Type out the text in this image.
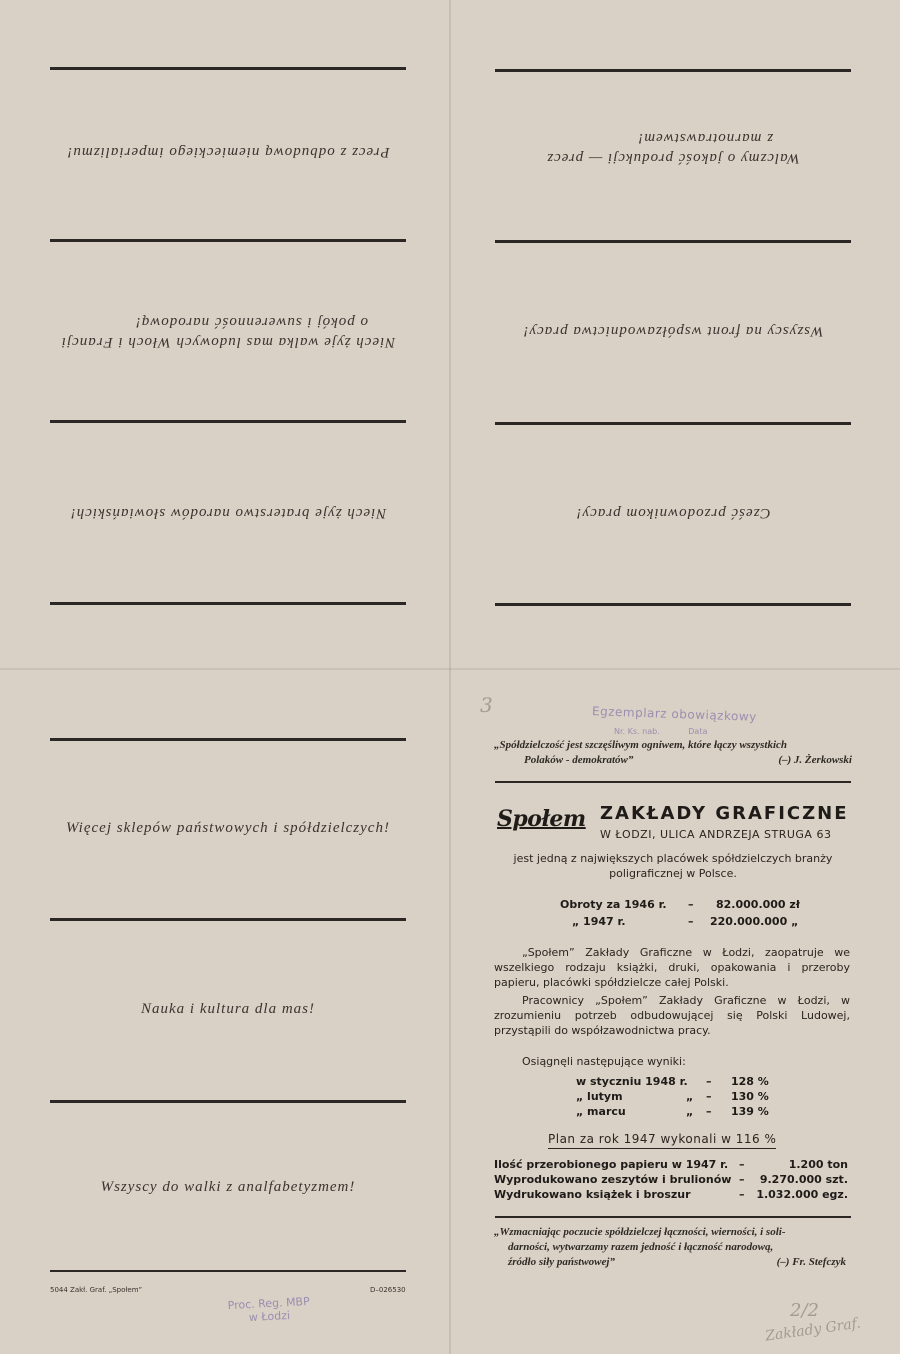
Precz z odbudową niemieckiego imperializmu!	Walczmy o jakość produkcji — precz
z marnotrawstwem!
Niech żyje walka mas ludowych Włoch i Francji
o pokój i suwerenność narodową!
Wszyscy na front współzawodnictwa pracy!
Niech żyje braterstwo narodów słowiańskich!	Cześć przodownikom pracy!
Więcej sklepów państwowych i spółdzielczych!
Nauka i kultura dla mas!
Wszyscy do walki z analfabetyzmem!
5044 Zakł. Graf. „Społem”	D–026530
Egzemplarz obowiązkowy
Nr. Ks. nab.	Data
Proc. Reg. MBP
w Łodzi
3
2/2
Zakłady Graf.
„Spółdzielczość jest szczęśliwym ogniwem, które łączy wszystkich
Polaków - demokratów”	(–) J. Żerkowski
Społem ZAKŁADY GRAFICZNE
W ŁODZI, ULICA ANDRZEJA STRUGA 63
jest jedną z największych placówek spółdzielczych branży
poligraficznej w Polsce.
Obroty za 1946 r. – 82.000.000 zł
„ 1947 r.	– 220.000.000 „
„Społem” Zakłady Graficzne w Łodzi, zaopatruje we wszelkiego rodzaju książki, druki, opakowania i przeroby papieru, placówki spółdzielcze całej Polski.
Pracownicy „Społem” Zakłady Graficzne w Łodzi, w zrozumieniu potrzeb odbudowującej się Polski Ludowej, przystąpili do współzawodnictwa pracy.
Osiągnęli następujące wyniki:
w styczniu 1948 r. – 128 %
„ lutym	„ – 130 %
„ marcu	„ – 139 %
Plan za rok 1947 wykonali w 116 %
Ilość przerobionego papieru w 1947 r. –	1.200 ton
Wyprodukowano zeszytów i brulionów – 9.270.000 szt.
Wydrukowano książek i broszur	– 1.032.000 egz.
„Wzmacniając poczucie spółdzielczej łączności, wierności, i soli-
darności, wytwarzamy razem jedność i łączność narodową,
źródło siły państwowej”	(–) Fr. Stefczyk
